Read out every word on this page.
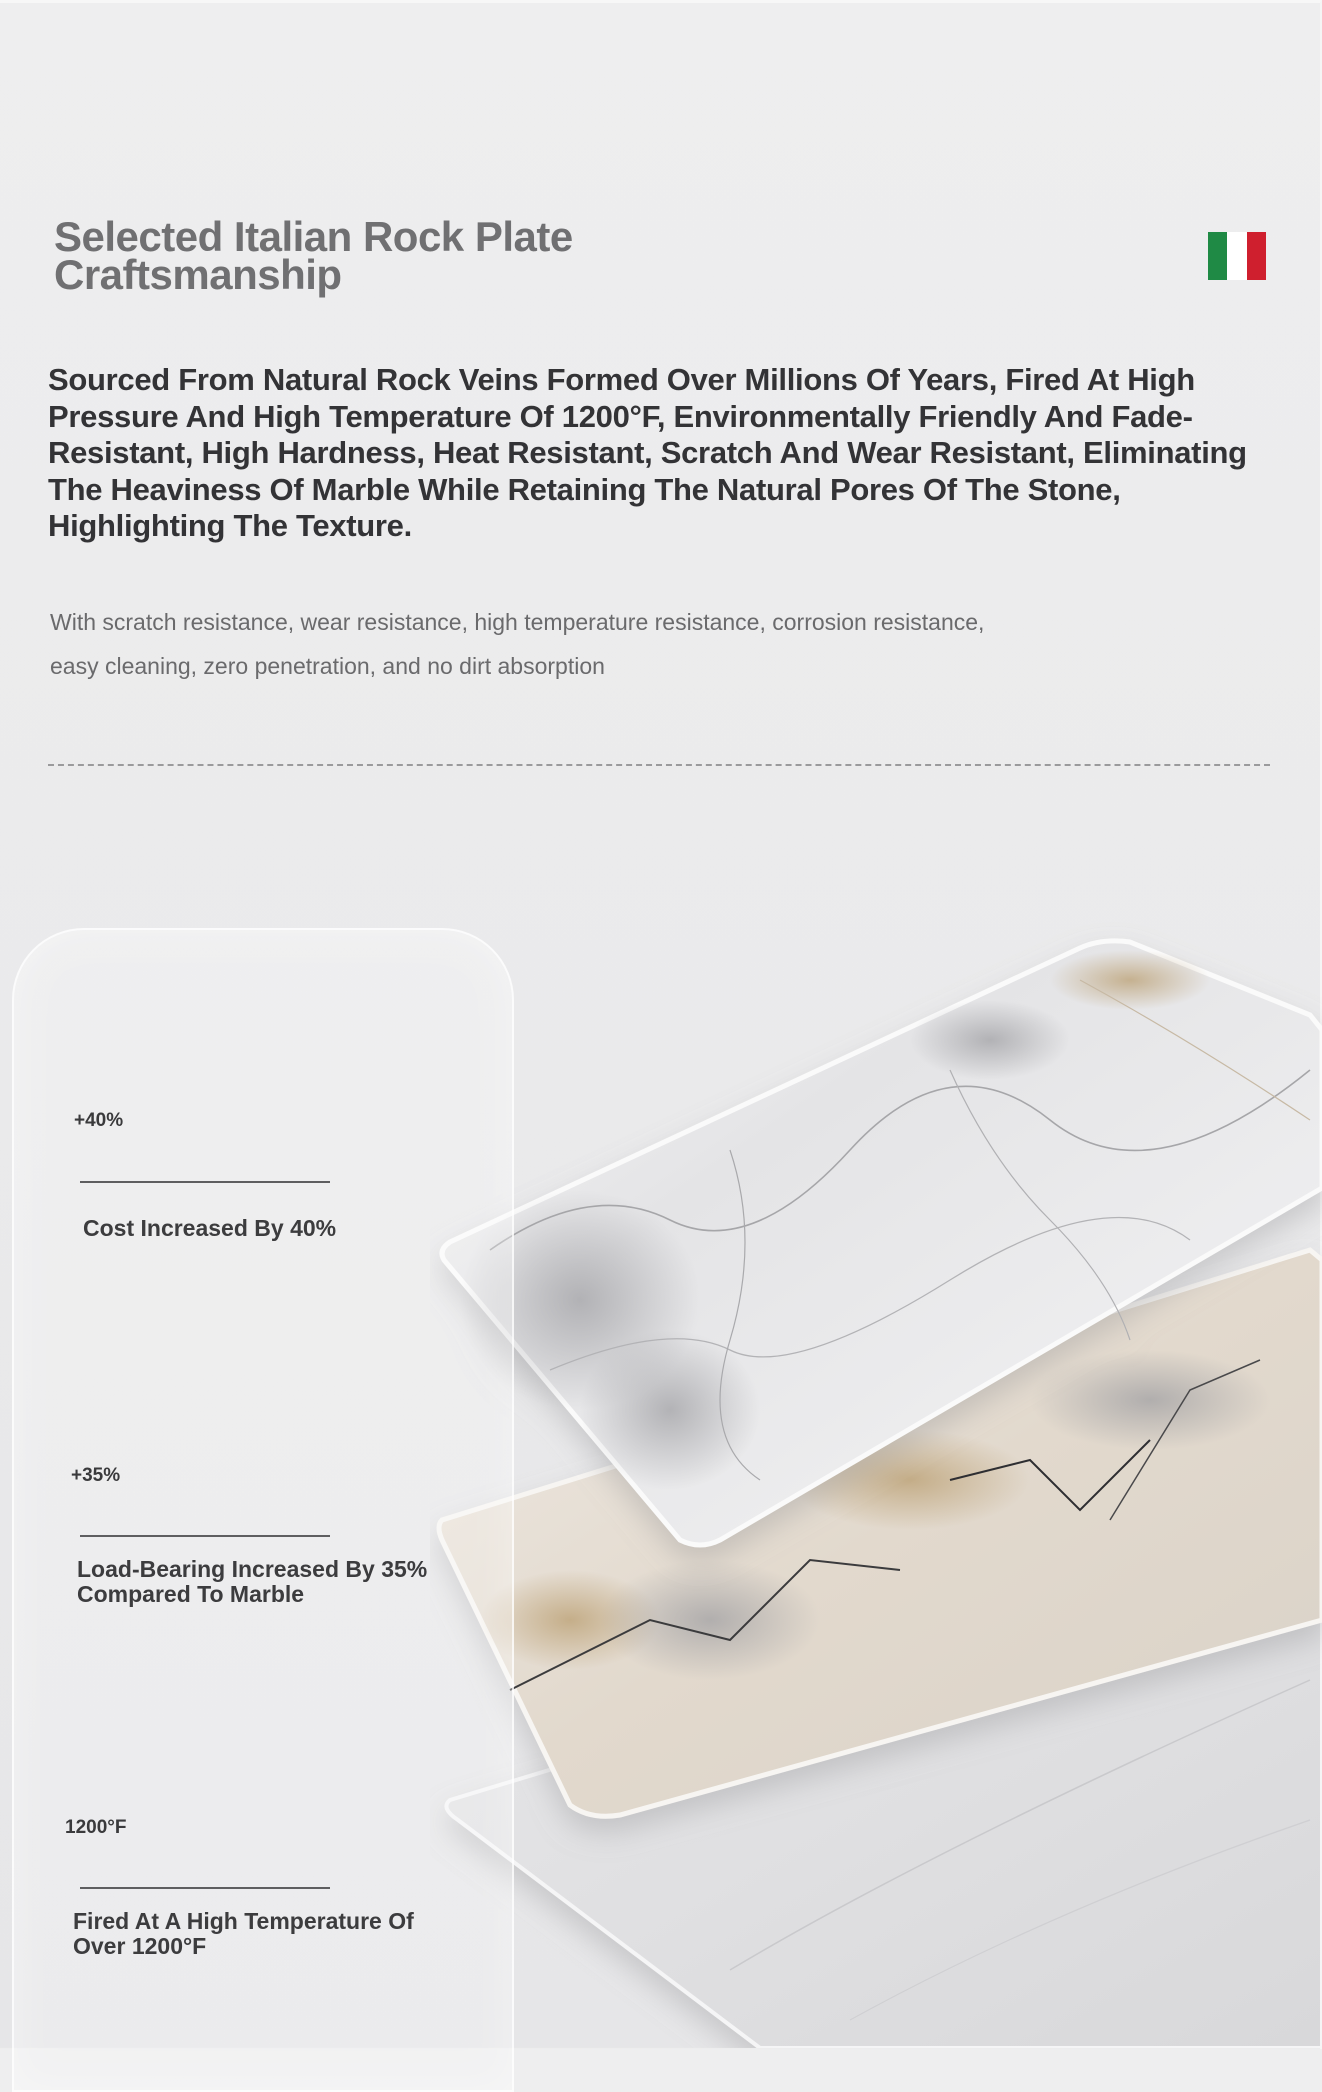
Selected Italian Rock Plate
Craftsmanship

Sourced From Natural Rock Veins Formed Over Millions Of Years, Fired At High Pressure And High Temperature Of 1200°F, Environmentally Friendly And Fade-Resistant, High Hardness, Heat Resistant, Scratch And Wear Resistant, Eliminating The Heaviness Of Marble While Retaining The Natural Pores Of The Stone, Highlighting The Texture.

With scratch resistance, wear resistance, high temperature resistance, corrosion resistance,
easy cleaning, zero penetration, and no dirt absorption
+40%
Cost Increased By 40%
+35%
Load-Bearing Increased By 35%
Compared To Marble
1200°F
Fired At A High Temperature Of
Over 1200°F
